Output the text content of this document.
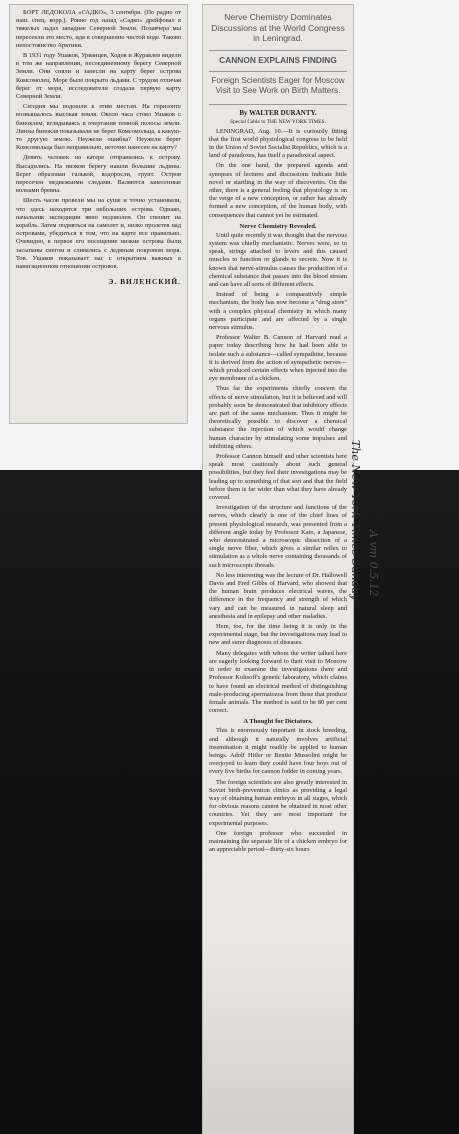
БОРТ ЛЕДОКОЛА «САДКО», 3 сентября. (По радио от наш. спец. корр.). Ровно год назад «Садко» дрейфовал в тяжелых льдах западнее Северной Земли. Позавчера мы пересекли это место, идя в совершенно чистой воде. Таково непостоянство Арктики.

В 1931 году Ушаков, Урванцев, Ходов и Журавлев видели в том же направлении, несоединенному берегу Северной Земли. Они сняли и занесли на карту берег острова Комсомолец. Море было покрыто льдами. С трудом отличая берег от моря, исследователи создали первую карту Северной Земли.

Сегодня мы подошли к этим местам. На горизонте возвышалось высокая земля. Около часа стоял Ушаков с биноклем, вглядываясь в очертания темной полосы земли. Линзы бинокля показывали не берег Комсомольца, а какую-то другую землю. Неужели ошибка? Неужели берег Комсомольца был неправильно, неточно нанесен на карту?

Девять человек на катере отправились к острову. Высадились. На низком берегу нашли большие льдины. Берег образован галькой, водоросли, грунт. Остров пересечен медвежьими следами. Валяются занесенные волнами бревна.

Шесть часов провели мы на суше и точно установили, что здесь находятся три небольших острова. Однако, начальник экспедиции явно недоволен. Он спешит на корабль. Затем подняться на самолет и, низко пролетев над островами, убедиться в том, что на карте все правильно. Очевидно, в первое его посещение низкие острова были засыпаны снегом и сливались с ледяным покровом моря. Тов. Ушаков показывает нас с открытием важных в навигационном отношении островов.

Э. ВИЛЕНСКИЙ.
Nerve Chemistry Dominates Discussions at the World Congress in Leningrad.
CANNON EXPLAINS FINDING
Foreign Scientists Eager for Moscow Visit to See Work on Birth Matters.
By WALTER DURANTY.
Special Cable to THE NEW YORK TIMES.

LENINGRAD, Aug. 10.—It is curiously fitting that the first world physiological congress to be held in the Union of Soviet Socialist Republics, which is a land of paradoxes, has itself a paradoxical aspect.

On the one hand, the prepared agenda and synopses of lectures and discussions indicate little novel or startling in the way of discoveries. On the other, there is a general feeling that physiology is on the verge of a new conception, or rather has already formed a new conception, of the human body, with consequences that cannot yet be estimated.

Nerve Chemistry Revealed.

Until quite recently it was thought that the nervous system was chiefly mechanistic. Nerves were, so to speak, strings attached to levers and this caused muscles to function or glands to secrete. Now it is known that nerve-stimulus causes the production of a chemical substance that passes into the blood stream and can have all sorts of different effects.

Instead of being a comparatively simple mechanism, the body has now become a "drug store" with a complex physical chemistry in which many organs participate and are affected by a single nervous stimulus.

Professor Walter B. Cannon of Harvard read a paper today describing how he had been able to isolate such a substance—called sympathine, because it is derived from the action of sympathetic nerves—which produced certain effects when injected into the eye membrane of a chicken.

Thus far the experiments chiefly concern the effects of nerve stimulation, but it is believed and will probably soon be demonstrated that inhibitory effects are part of the same mechanism. Thus it might be theoretically possible to discover a chemical substance the injection of which would change human character by stimulating some impulses and inhibiting others.

Professor Cannon himself and other scientists here speak most cautiously about such general possibilities, but they feel their investigations may be leading up to something of that sort and that the field before them is far wider than what they have already covered.

Investigation of the structure and functions of the nerves, which clearly is one of the chief lines of present physiological research, was presented from a different angle today by Professor Kato, a Japanese, who demonstrated a microscopic dissection of a single nerve fiber, which gives a similar reflex to stimulation as a whole nerve containing thousands of such microscopic threads.

No less interesting was the lecture of Dr. Hallowell Davis and Fred Gibbs of Harvard, who showed that the human brain produces electrical waves, the difference in the frequency and strength of which vary and can be measured in natural sleep and anesthesia and in epilepsy and other maladies.

Here, too, for the time being it is only in the experimental stage, but the investigations may lead to new and surer diagnoses of diseases.

Many delegates with whom the writer talked here are eagerly looking forward to their visit to Moscow in order to examine the investigations there and Professor Koltsoff's genetic laboratory, which claims to have found an electrical method of distinguishing male-producing spermatozoa from those that produce female animals. The method is said to be 80 per cent correct.

A Thought for Dictators.

This is enormously important in stock breeding, and although it naturally involves artificial insemination it might readily be applied to human beings. Adolf Hitler or Benito Mussolini might be overjoyed to learn they could have four boys out of every five births for cannon fodder in coming years.

The foreign scientists are also greatly interested in Soviet birth-prevention clinics as providing a legal way of obtaining human embryos in all stages, which for obvious reasons cannot be obtained in most other countries. Yet they are most important for experimental purposes.

One foreign professor who succeeded in maintaining the separate life of a chicken embryo for an appreciable period—thirty-six hours

The New York Times Sunday A vm 0.5.12
